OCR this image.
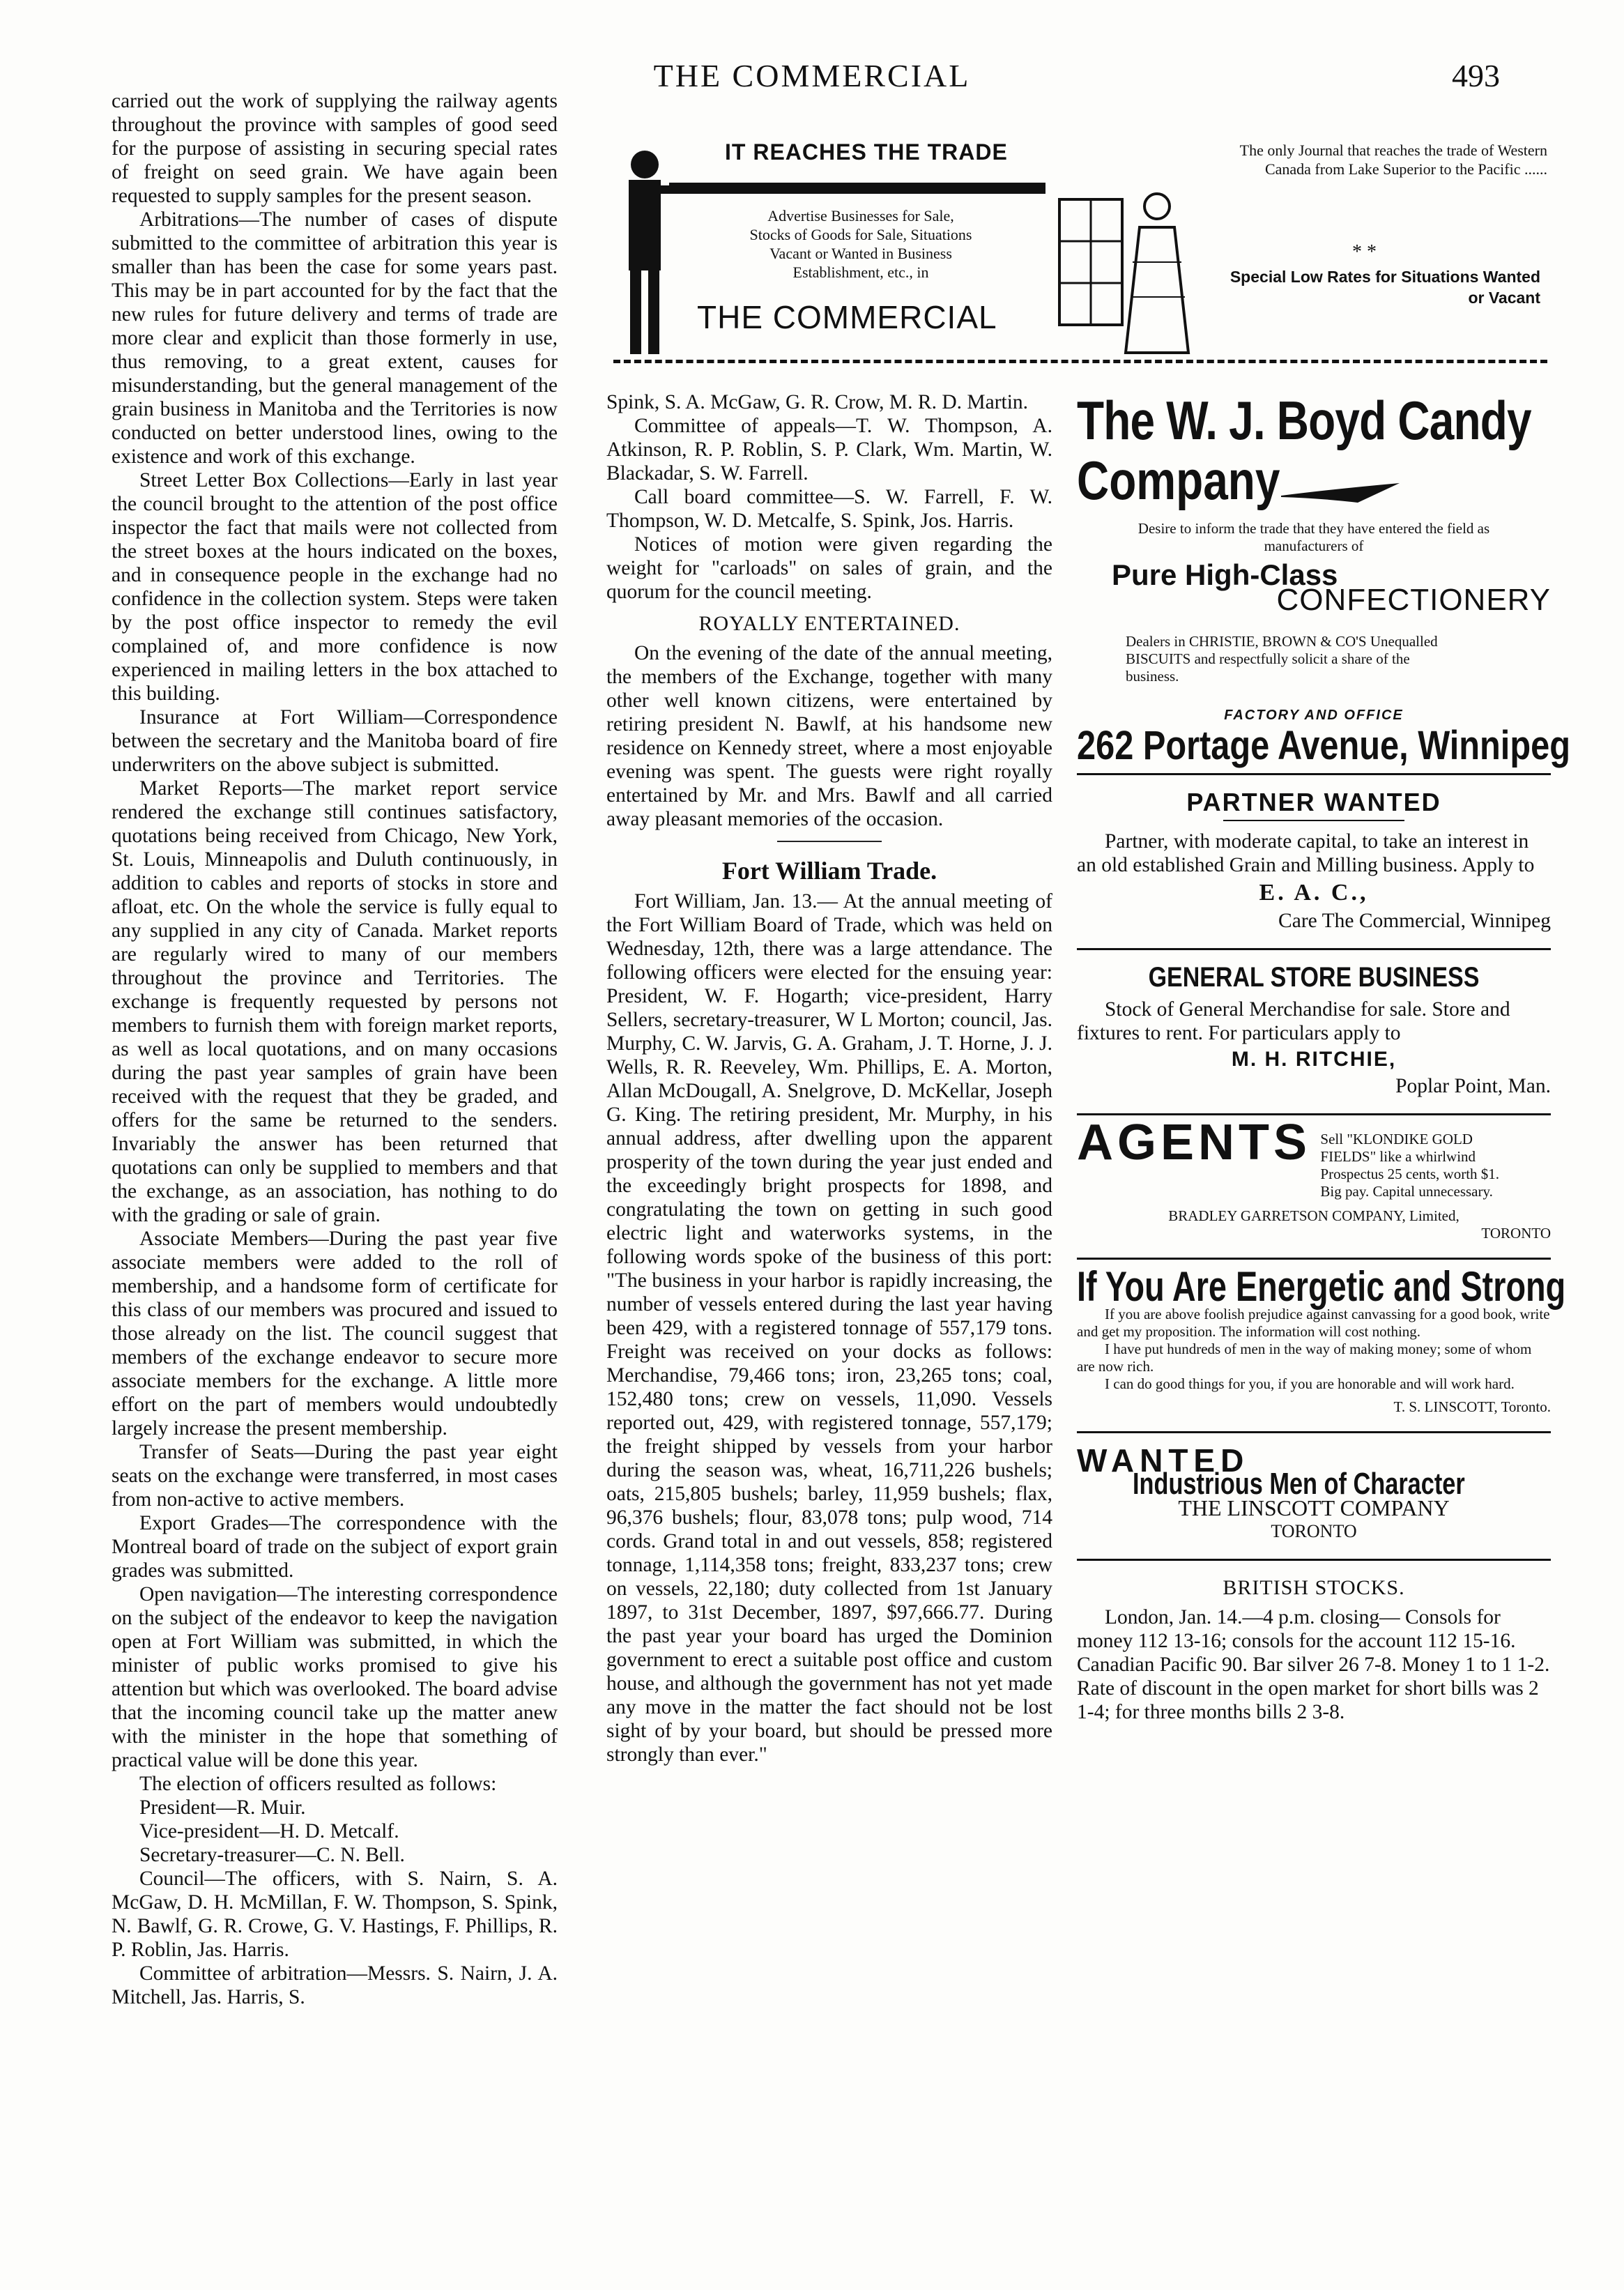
THE COMMERCIAL	493

carried out the work of supplying the railway agents throughout the province with samples of good seed for the purpose of assisting in securing special rates of freight on seed grain. We have again been requested to supply samples for the present season.

Arbitrations—The number of cases of dispute submitted to the committee of arbitration this year is smaller than has been the case for some years past. This may be in part accounted for by the fact that the new rules for future delivery and terms of trade are more clear and explicit than those formerly in use, thus removing, to a great extent, causes for misunderstanding, but the general management of the grain business in Manitoba and the Territories is now conducted on better understood lines, owing to the existence and work of this exchange.

Street Letter Box Collections—Early in last year the council brought to the attention of the post office inspector the fact that mails were not collected from the street boxes at the hours indicated on the boxes, and in consequence people in the exchange had no confidence in the collection system. Steps were taken by the post office inspector to remedy the evil complained of, and more confidence is now experienced in mailing letters in the box attached to this building.

Insurance at Fort William—Correspondence between the secretary and the Manitoba board of fire underwriters on the above subject is submitted.

Market Reports—The market report service rendered the exchange still continues satisfactory, quotations being received from Chicago, New York, St. Louis, Minneapolis and Duluth continuously, in addition to cables and reports of stocks in store and afloat, etc. On the whole the service is fully equal to any supplied in any city of Canada. Market reports are regularly wired to many of our members throughout the province and Territories. The exchange is frequently requested by persons not members to furnish them with foreign market reports, as well as local quotations, and on many occasions during the past year samples of grain have been received with the request that they be graded, and offers for the same be returned to the senders. Invariably the answer has been returned that quotations can only be supplied to members and that the exchange, as an association, has nothing to do with the grading or sale of grain.

Associate Members—During the past year five associate members were added to the roll of membership, and a handsome form of certificate for this class of our members was procured and issued to those already on the list. The council suggest that members of the exchange endeavor to secure more associate members for the exchange. A little more effort on the part of members would undoubtedly largely increase the present membership.

Transfer of Seats—During the past year eight seats on the exchange were transferred, in most cases from non-active to active members.

Export Grades—The correspondence with the Montreal board of trade on the subject of export grain grades was submitted.

Open navigation—The interesting correspondence on the subject of the endeavor to keep the navigation open at Fort William was submitted, in which the minister of public works promised to give his attention but which was overlooked. The board advise that the incoming council take up the matter anew with the minister in the hope that something of practical value will be done this year.

The election of officers resulted as follows:

President—R. Muir.

Vice-president—H. D. Metcalf.

Secretary-treasurer—C. N. Bell.

Council—The officers, with S. Nairn, S. A. McGaw, D. H. McMillan, F. W. Thompson, S. Spink, N. Bawlf, G. R. Crowe, G. V. Hastings, F. Phillips, R. P. Roblin, Jas. Harris.

Committee of arbitration—Messrs. S. Nairn, J. A. Mitchell, Jas. Harris, S.

IT REACHES THE TRADE
Advertise Businesses for Sale, Stocks of Goods for Sale, Situations Vacant or Wanted in Business Establishment, etc., in
THE COMMERCIAL
The only Journal that reaches the trade of Western Canada from Lake Superior to the Pacific ......
* *
Special Low Rates for Situations Wanted or Vacant

Spink, S. A. McGaw, G. R. Crow, M. R. D. Martin.

Committee of appeals—T. W. Thompson, A. Atkinson, R. P. Roblin, S. P. Clark, Wm. Martin, W. Blackadar, S. W. Farrell.

Call board committee—S. W. Farrell, F. W. Thompson, W. D. Metcalfe, S. Spink, Jos. Harris.

Notices of motion were given regarding the weight for "carloads" on sales of grain, and the quorum for the council meeting.

ROYALLY ENTERTAINED.

On the evening of the date of the annual meeting, the members of the Exchange, together with many other well known citizens, were entertained by retiring president N. Bawlf, at his handsome new residence on Kennedy street, where a most enjoyable evening was spent. The guests were right royally entertained by Mr. and Mrs. Bawlf and all carried away pleasant memories of the occasion.

Fort William Trade.

Fort William, Jan. 13.— At the annual meeting of the Fort William Board of Trade, which was held on Wednesday, 12th, there was a large attendance. The following officers were elected for the ensuing year: President, W. F. Hogarth; vice-president, Harry Sellers, secretary-treasurer, W L Morton; council, Jas. Murphy, C. W. Jarvis, G. A. Graham, J. T. Horne, J. J. Wells, R. R. Reeveley, Wm. Phillips, E. A. Morton, Allan McDougall, A. Snelgrove, D. McKellar, Joseph G. King. The retiring president, Mr. Murphy, in his annual address, after dwelling upon the apparent prosperity of the town during the year just ended and the exceedingly bright prospects for 1898, and congratulating the town on getting in such good electric light and waterworks systems, in the following words spoke of the business of this port: "The business in your harbor is rapidly increasing, the number of vessels entered during the last year having been 429, with a registered tonnage of 557,179 tons. Freight was received on your docks as follows: Merchandise, 79,466 tons; iron, 23,265 tons; coal, 152,480 tons; crew on vessels, 11,090. Vessels reported out, 429, with registered tonnage, 557,179; the freight shipped by vessels from your harbor during the season was, wheat, 16,711,226 bushels; oats, 215,805 bushels; barley, 11,959 bushels; flax, 96,376 bushels; flour, 83,078 tons; pulp wood, 714 cords. Grand total in and out vessels, 858; registered tonnage, 1,114,358 tons; freight, 833,237 tons; crew on vessels, 22,180; duty collected from 1st January 1897, to 31st December, 1897, $97,666.77. During the past year your board has urged the Dominion government to erect a suitable post office and custom house, and although the government has not yet made any move in the matter the fact should not be lost sight of by your board, but should be pressed more strongly than ever."

The W. J. Boyd Candy
Company
Desire to inform the trade that they have entered the field as manufacturers of
Pure High-Class
CONFECTIONERY
Dealers in CHRISTIE, BROWN & CO'S Unequalled BISCUITS and respectfully solicit a share of the business.
FACTORY AND OFFICE
262 Portage Avenue, Winnipeg
PARTNER WANTED

Partner, with moderate capital, to take an interest in an old established Grain and Milling business. Apply to

E. A. C.,
Care The Commercial, Winnipeg
GENERAL STORE BUSINESS

Stock of General Merchandise for sale. Store and fixtures to rent. For particulars apply to

M. H. RITCHIE,
Poplar Point, Man.
AGENTS Sell "KLONDIKE GOLD FIELDS" like a whirlwind Prospectus 25 cents, worth $1. Big pay. Capital unnecessary.
BRADLEY GARRETSON COMPANY, Limited,
TORONTO
If You Are Energetic and Strong

If you are above foolish prejudice against canvassing for a good book, write and get my proposition. The information will cost nothing.

I have put hundreds of men in the way of making money; some of whom are now rich.

I can do good things for you, if you are honorable and will work hard.

T. S. LINSCOTT, Toronto.
WANTED
Industrious Men of Character
THE LINSCOTT COMPANY
TORONTO
BRITISH STOCKS.

London, Jan. 14.—4 p.m. closing— Consols for money 112 13-16; consols for the account 112 15-16. Canadian Pacific 90. Bar silver 26 7-8. Money 1 to 1 1-2. Rate of discount in the open market for short bills was 2 1-4; for three months bills 2 3-8.
